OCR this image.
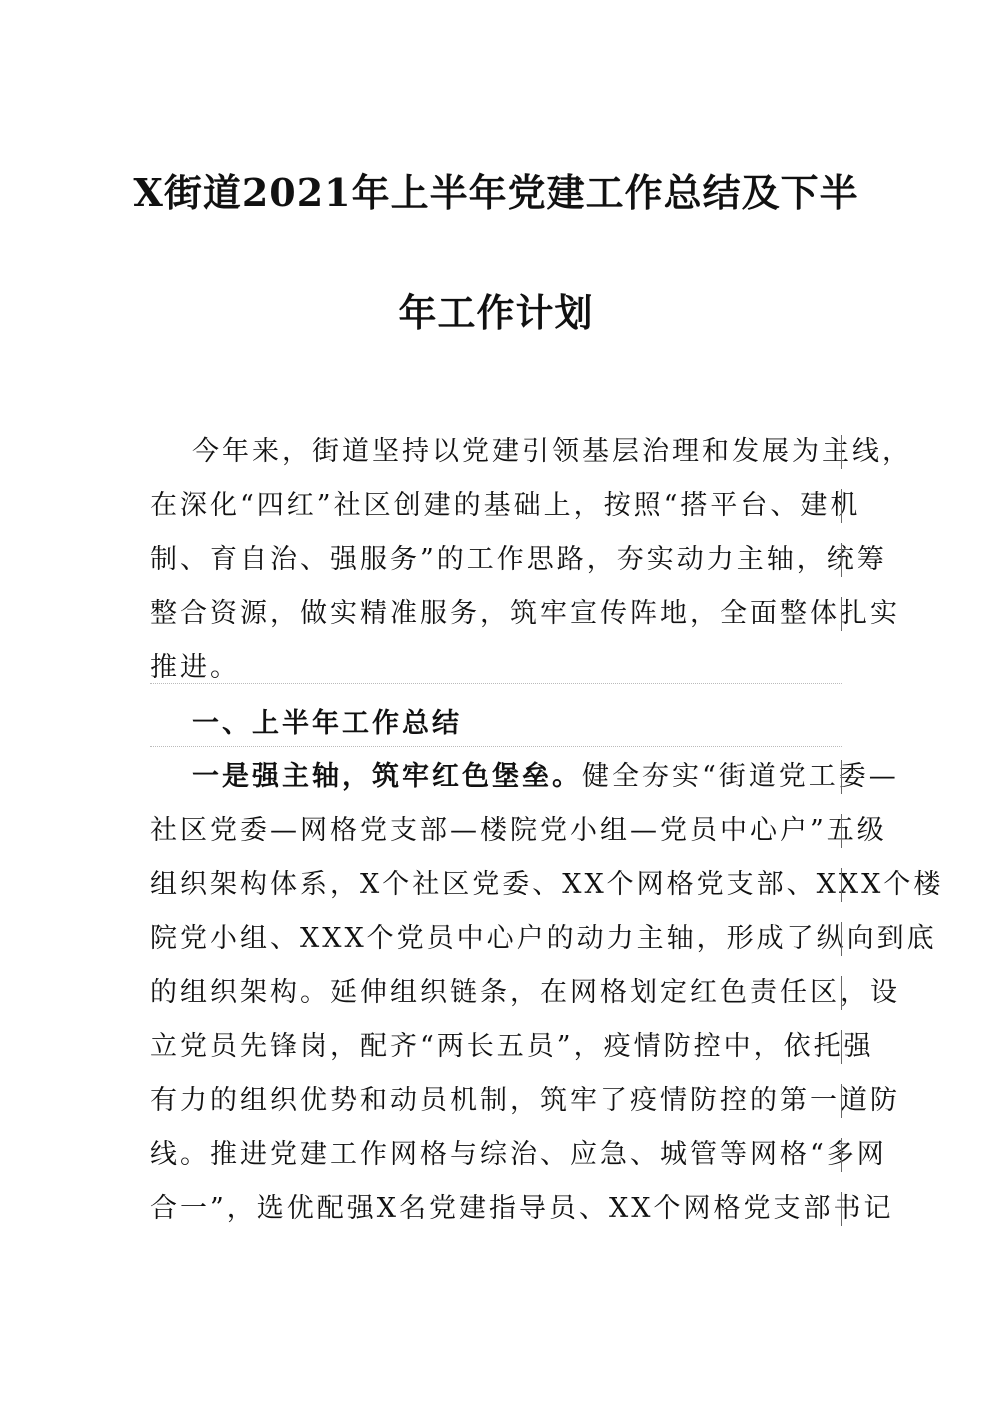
X街道2021年上半年党建工作总结及下半
年工作计划
今年来，街道坚持以党建引领基层治理和发展为主线，
在深化“四红”社区创建的基础上，按照“搭平台、建机
制、育自治、强服务”的工作思路，夯实动力主轴，统筹
整合资源，做实精准服务，筑牢宣传阵地，全面整体扎实
推进。
一、上半年工作总结
一是强主轴，筑牢红色堡垒。健全夯实“街道党工委—
社区党委—网格党支部—楼院党小组—党员中心户”五级
组织架构体系，X个社区党委、XX个网格党支部、XXX个楼
院党小组、XXX个党员中心户的动力主轴，形成了纵向到底
的组织架构。延伸组织链条，在网格划定红色责任区，设
立党员先锋岗，配齐“两长五员”，疫情防控中，依托强
有力的组织优势和动员机制，筑牢了疫情防控的第一道防
线。推进党建工作网格与综治、应急、城管等网格“多网
合一”，选优配强X名党建指导员、XX个网格党支部书记
